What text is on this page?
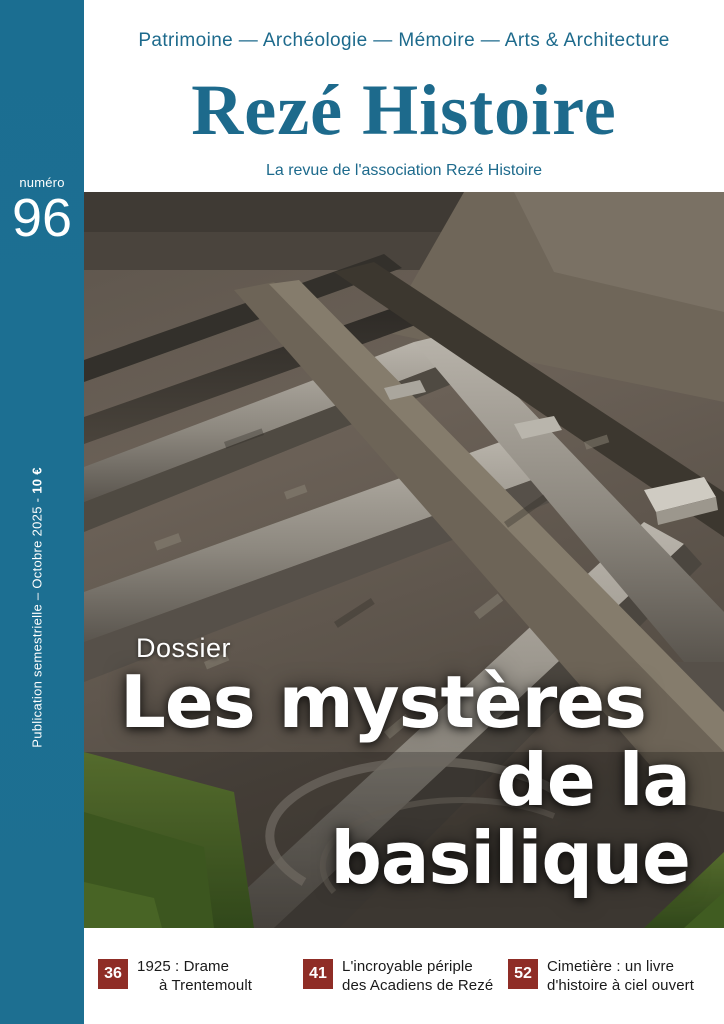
numéro
96
Publication semestrielle – Octobre 2025 - 10 €
Patrimoine — Archéologie — Mémoire — Arts & Architecture
Rezé Histoire
La revue de l'association Rezé Histoire
Dossier
Les mystères
de la basilique
36	1925 : Drame
à Trentemoult
41	L'incroyable périple
des Acadiens de Rezé
52	Cimetière : un livre
d'histoire à ciel ouvert
